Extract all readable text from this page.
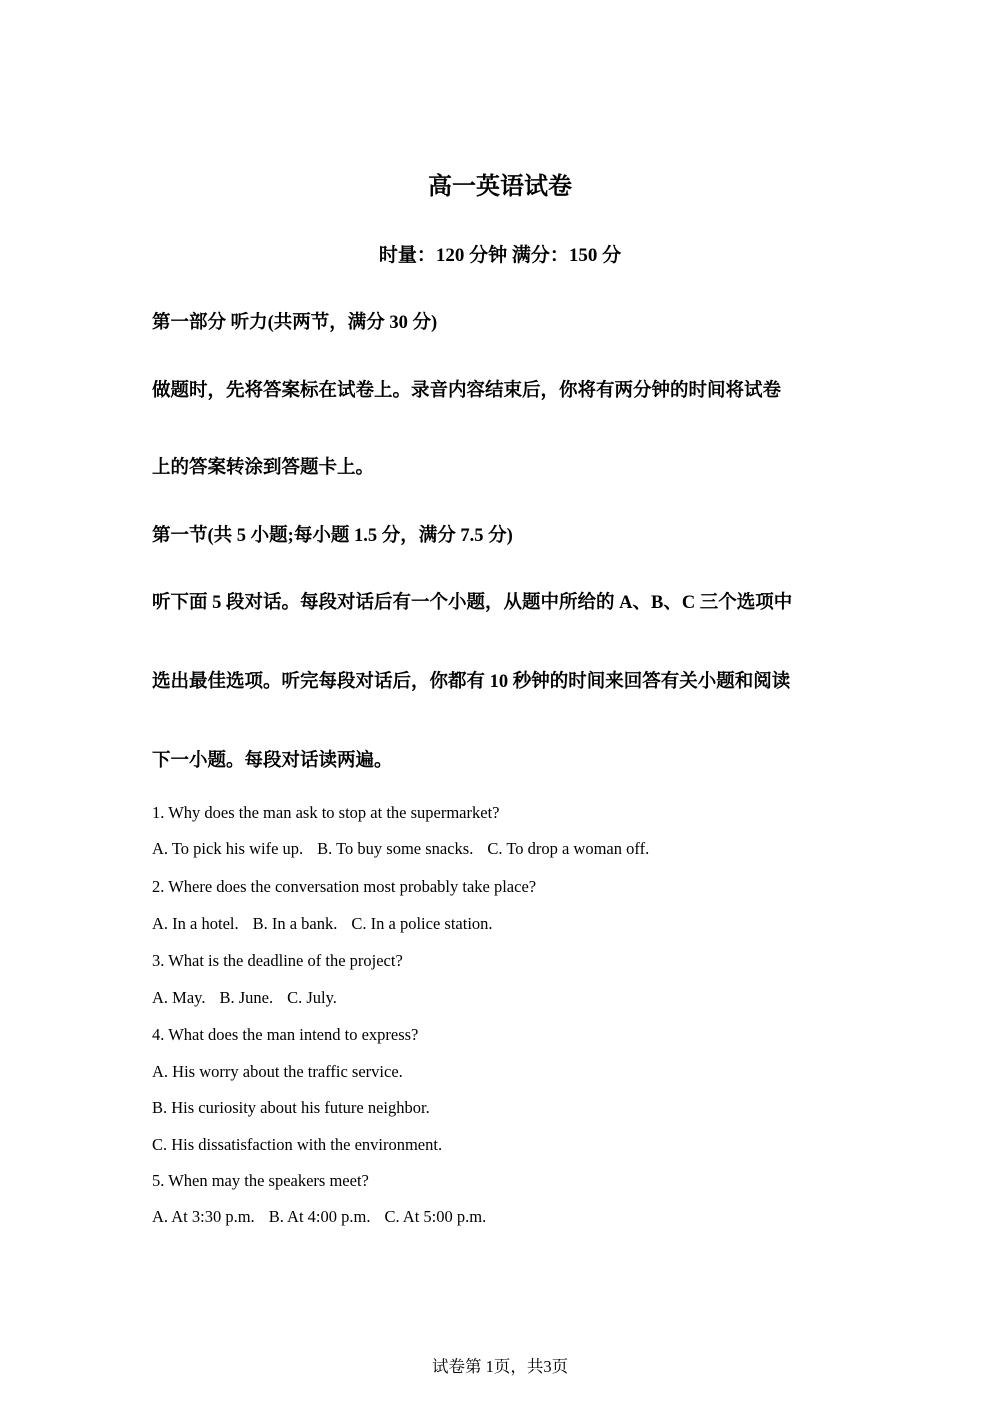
高一英语试卷
时量：120 分钟 满分：150 分
第一部分 听力(共两节，满分 30 分)
做题时，先将答案标在试卷上。录音内容结束后，你将有两分钟的时间将试卷
上的答案转涂到答题卡上。
第一节(共 5 小题;每小题 1.5 分，满分 7.5 分)
听下面 5 段对话。每段对话后有一个小题，从题中所给的 A、B、C 三个选项中
选出最佳选项。听完每段对话后，你都有 10 秒钟的时间来回答有关小题和阅读
下一小题。每段对话读两遍。
1. Why does the man ask to stop at the supermarket?
A. To pick his wife up. B. To buy some snacks. C. To drop a woman off.
2. Where does the conversation most probably take place?
A. In a hotel. B. In a bank. C. In a police station.
3. What is the deadline of the project?
A. May. B. June. C. July.
4. What does the man intend to express?
A. His worry about the traffic service.
B. His curiosity about his future neighbor.
C. His dissatisfaction with the environment.
5. When may the speakers meet?
A. At 3:30 p.m. B. At 4:00 p.m. C. At 5:00 p.m.
试卷第 1页，共3页
